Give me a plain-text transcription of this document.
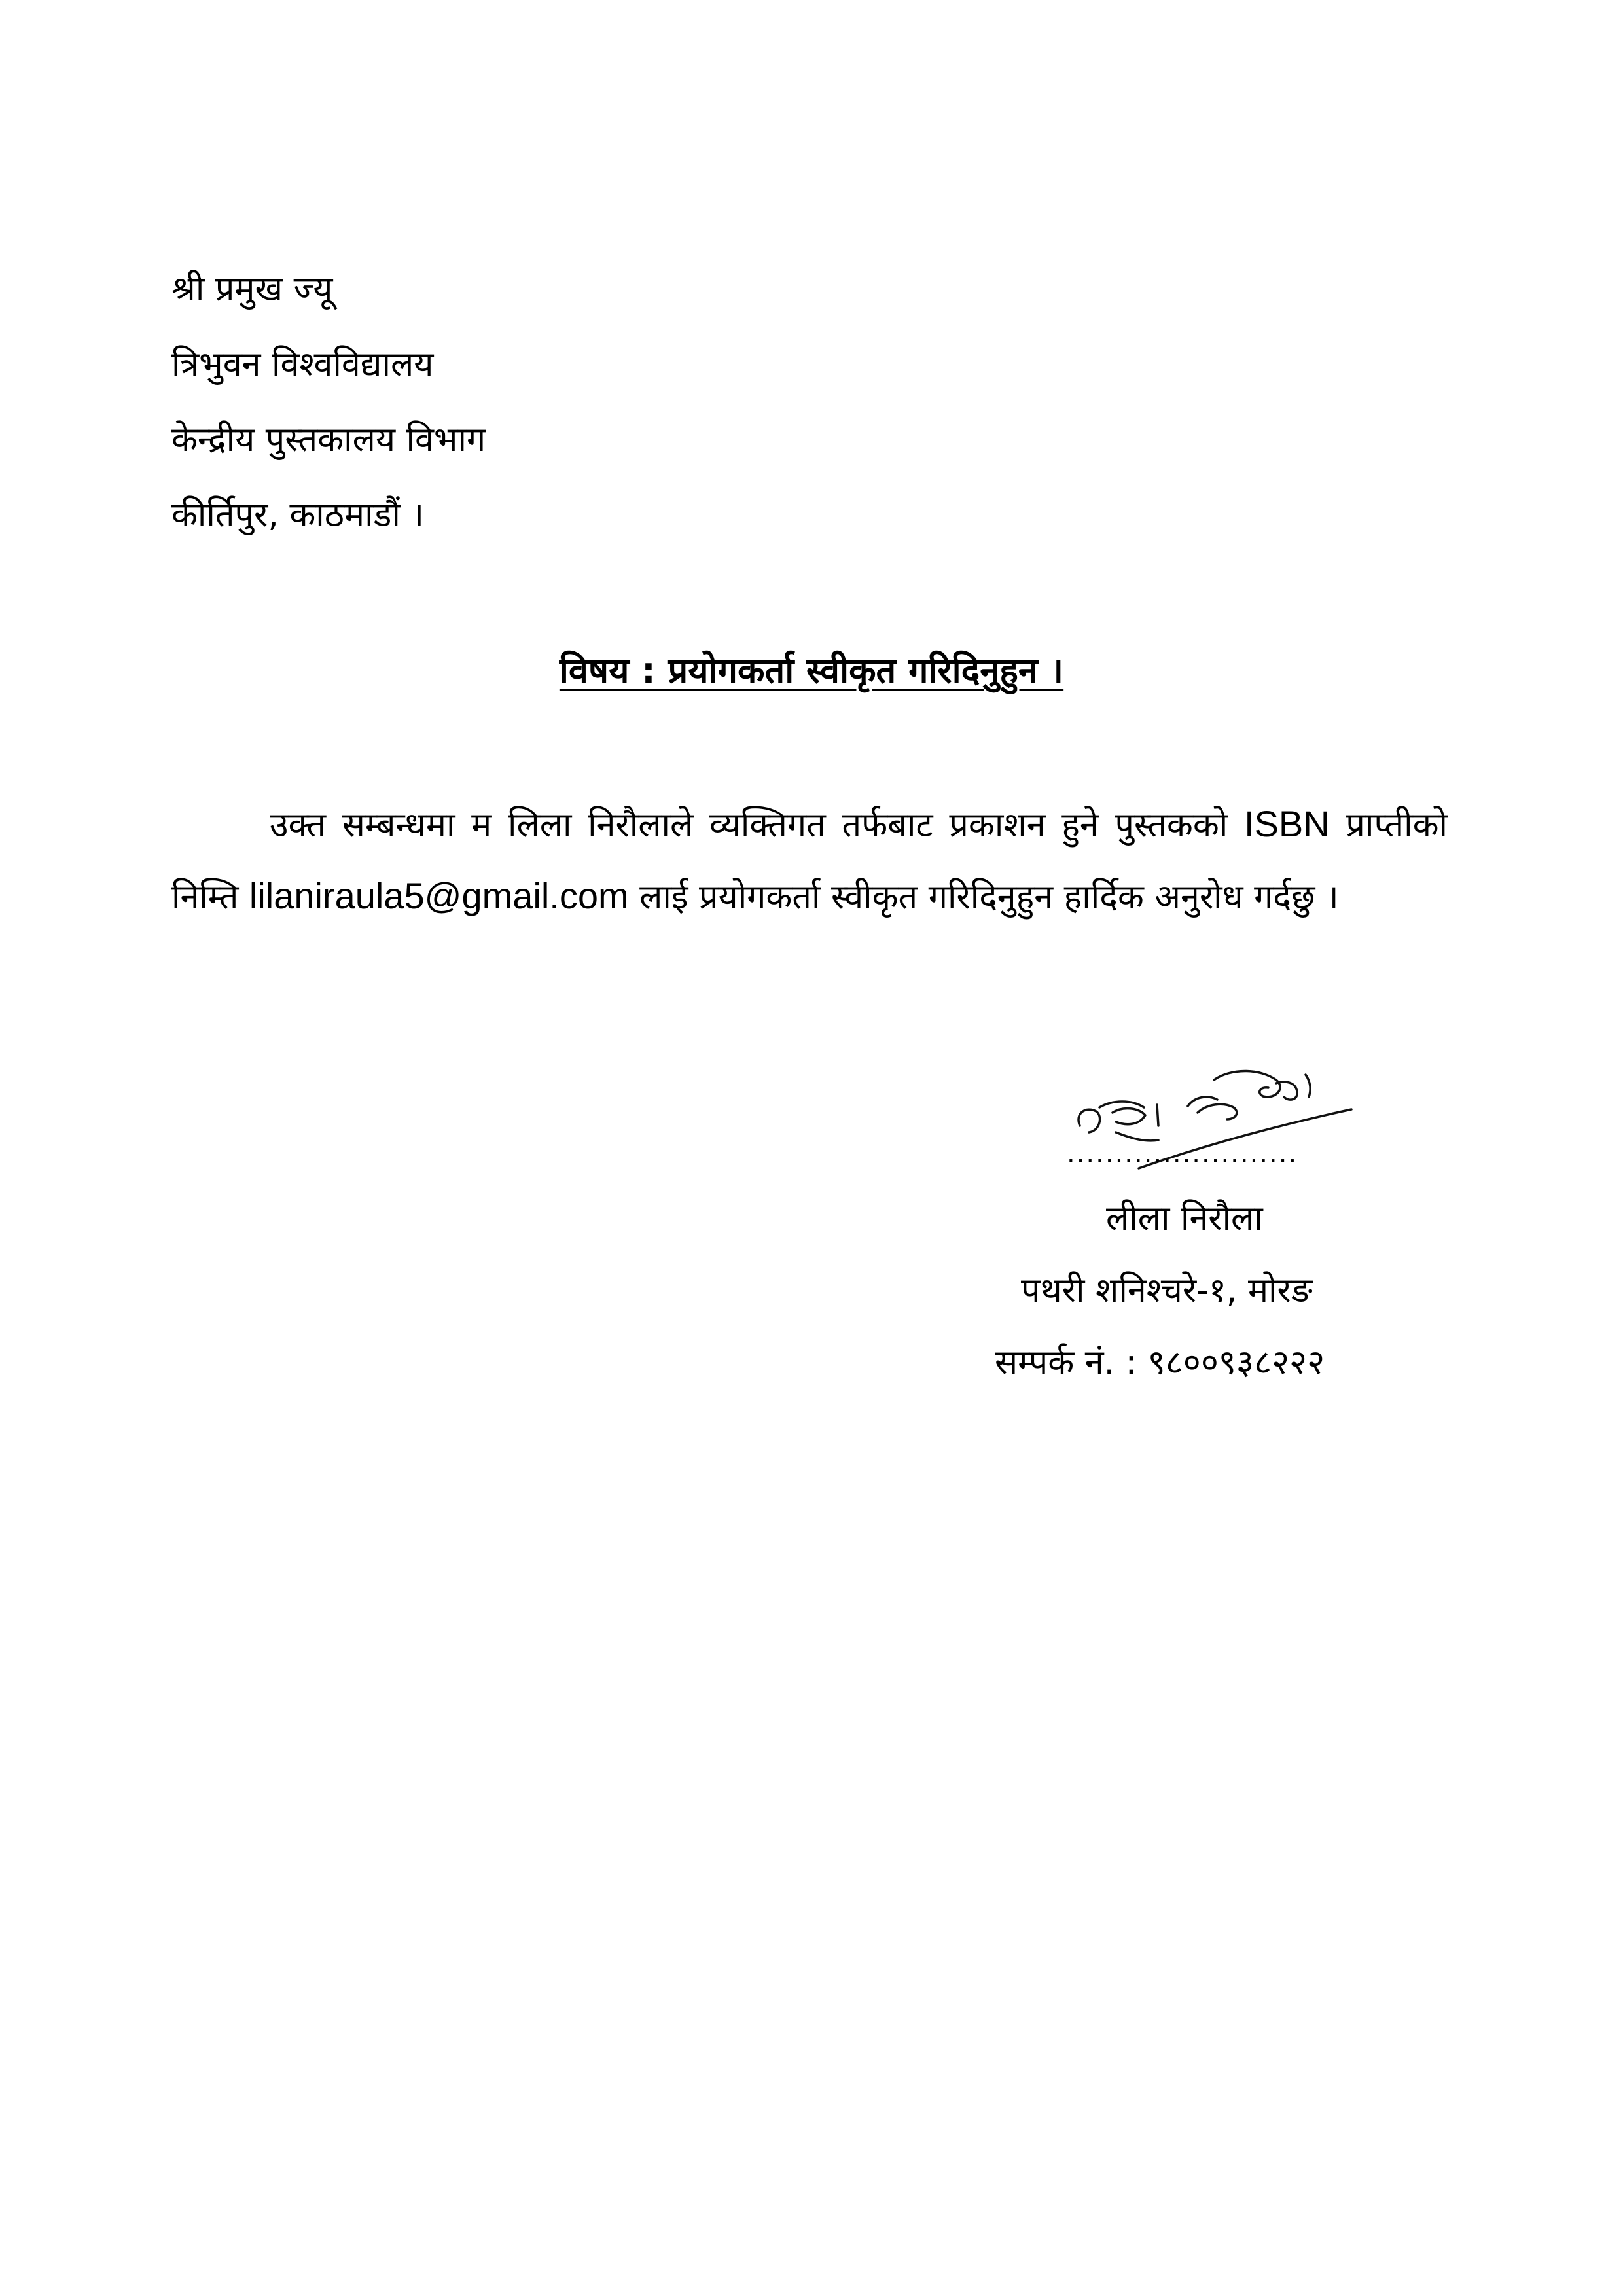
श्री प्रमुख ज्यू
त्रिभुवन विश्वविद्यालय
केन्द्रीय पुस्तकालय विभाग
कीर्तिपुर, काठमाडौं ।
विषय : प्रयोगकर्ता स्वीकृत गरिदिनुहुन ।
उक्त सम्बन्धमा म लिला निरौलाले व्यक्तिगत तर्फबाट प्रकाशन हुने पुस्तकको ISBN प्राप्तीको निम्ति lilaniraula5@gmail.com लाई प्रयोगकर्ता स्वीकृत गरिदिनुहुन हार्दिक अनुरोध गर्दछु ।
........................
लीला निरौला
पथरी शनिश्चरे-१, मोरङ
सम्पर्क नं. : ९८००९३८२२२
